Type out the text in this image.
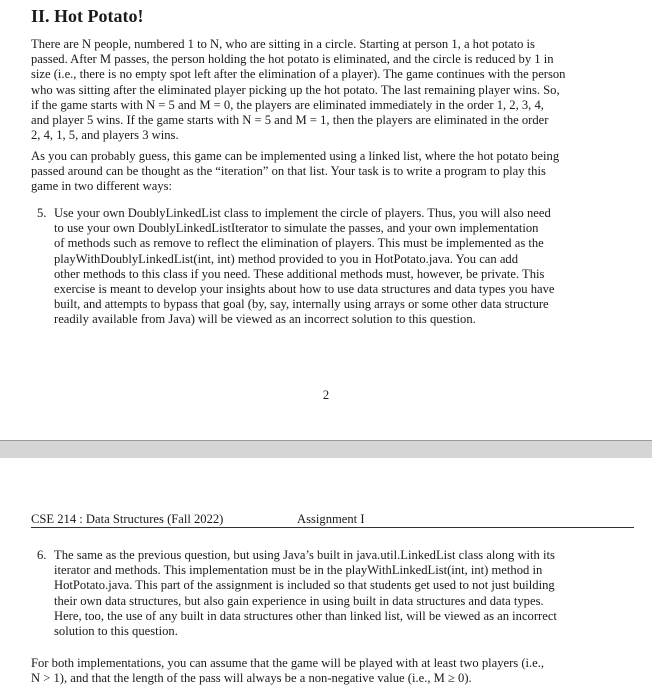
II. Hot Potato!
There are N people, numbered 1 to N, who are sitting in a circle. Starting at person 1, a hot potato is
passed. After M passes, the person holding the hot potato is eliminated, and the circle is reduced by 1 in
size (i.e., there is no empty spot left after the elimination of a player). The game continues with the person
who was sitting after the eliminated player picking up the hot potato. The last remaining player wins. So,
if the game starts with N = 5 and M = 0, the players are eliminated immediately in the order 1, 2, 3, 4,
and player 5 wins. If the game starts with N = 5 and M = 1, then the players are eliminated in the order
2, 4, 1, 5, and players 3 wins.
As you can probably guess, this game can be implemented using a linked list, where the hot potato being
passed around can be thought as the “iteration” on that list. Your task is to write a program to play this
game in two different ways:
5. Use your own DoublyLinkedList class to implement the circle of players. Thus, you will also need
to use your own DoublyLinkedListIterator to simulate the passes, and your own implementation
of methods such as remove to reflect the elimination of players. This must be implemented as the
playWithDoublyLinkedList(int, int) method provided to you in HotPotato.java. You can add
other methods to this class if you need. These additional methods must, however, be private. This
exercise is meant to develop your insights about how to use data structures and data types you have
built, and attempts to bypass that goal (by, say, internally using arrays or some other data structure
readily available from Java) will be viewed as an incorrect solution to this question.
2
CSE 214 : Data Structures (Fall 2022)	Assignment I
6. The same as the previous question, but using Java’s built in java.util.LinkedList class along with its
iterator and methods. This implementation must be in the playWithLinkedList(int, int) method in
HotPotato.java. This part of the assignment is included so that students get used to not just building
their own data structures, but also gain experience in using built in data structures and data types.
Here, too, the use of any built in data structures other than linked list, will be viewed as an incorrect
solution to this question.
For both implementations, you can assume that the game will be played with at least two players (i.e.,
N > 1), and that the length of the pass will always be a non-negative value (i.e., M ≥ 0).
